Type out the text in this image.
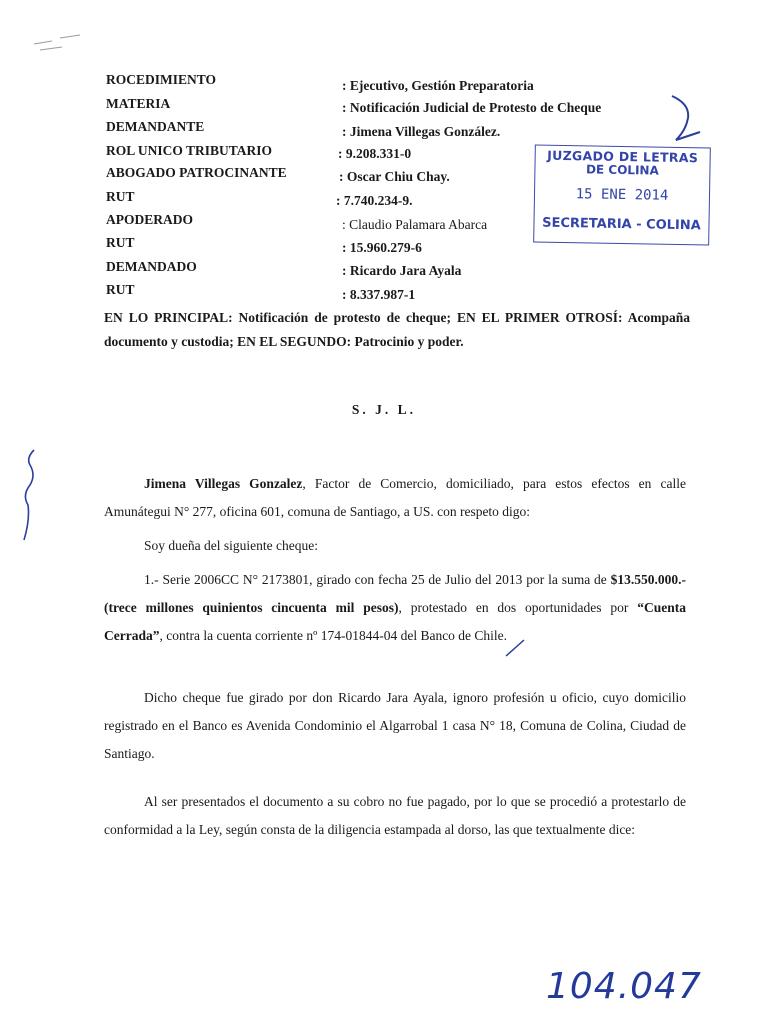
ROCEDIMIENTO	: Ejecutivo, Gestión Preparatoria
MATERIA	: Notificación Judicial de Protesto de Cheque
DEMANDANTE	: Jimena Villegas González.
ROL UNICO TRIBUTARIO	: 9.208.331-0
ABOGADO PATROCINANTE	: Oscar Chiu Chay.
RUT	: 7.740.234-9.
APODERADO	: Claudio Palamara Abarca
RUT	: 15.960.279-6
DEMANDADO	: Ricardo Jara Ayala
RUT	: 8.337.987-1
JUZGADO DE LETRAS
DE COLINA
15 ENE 2014
SECRETARIA - COLINA
EN LO PRINCIPAL: Notificación de protesto de cheque; EN EL PRIMER OTROSÍ: Acompaña documento y custodia; EN EL SEGUNDO: Patrocinio y poder.
S. J. L.
Jimena Villegas Gonzalez, Factor de Comercio, domiciliado, para estos efectos en calle Amunátegui N° 277, oficina 601, comuna de Santiago, a US. con respeto digo:
Soy dueña del siguiente cheque:
1.- Serie 2006CC N° 2173801, girado con fecha 25 de Julio del 2013 por la suma de $13.550.000.- (trece millones quinientos cincuenta mil pesos), protestado en dos oportunidades por “Cuenta Cerrada”, contra la cuenta corriente nº 174-01844-04 del Banco de Chile.
Dicho cheque fue girado por don Ricardo Jara Ayala, ignoro profesión u oficio, cuyo domicilio registrado en el Banco es Avenida Condominio el Algarrobal 1 casa N° 18, Comuna de Colina, Ciudad de Santiago.
Al ser presentados el documento a su cobro no fue pagado, por lo que se procedió a protestarlo de conformidad a la Ley, según consta de la diligencia estampada al dorso, las que textualmente dice:
104.047
